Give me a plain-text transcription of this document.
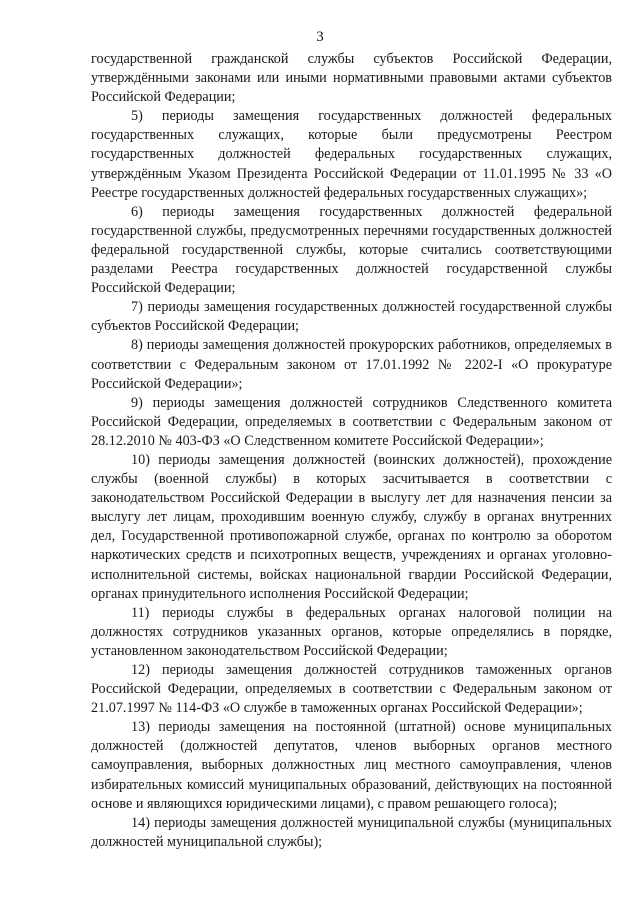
3

государственной гражданской службы субъектов Российской Федерации, утверждёнными законами или иными нормативными правовыми актами субъектов Российской Федерации;

5) периоды замещения государственных должностей федеральных государственных служащих, которые были предусмотрены Реестром государственных должностей федеральных государственных служащих, утверждённым Указом Президента Российской Федерации от 11.01.1995 № 33 «О Реестре государственных должностей федеральных государственных служащих»;

6) периоды замещения государственных должностей федеральной государственной службы, предусмотренных перечнями государственных должностей федеральной государственной службы, которые считались соответствующими разделами Реестра государственных должностей государственной службы Российской Федерации;

7) периоды замещения государственных должностей государственной службы субъектов Российской Федерации;

8) периоды замещения должностей прокурорских работников, определяемых в соответствии с Федеральным законом от 17.01.1992 № 2202-I «О прокуратуре Российской Федерации»;

9) периоды замещения должностей сотрудников Следственного комитета Российской Федерации, определяемых в соответствии с Федеральным законом от 28.12.2010 № 403-ФЗ «О Следственном комитете Российской Федерации»;

10) периоды замещения должностей (воинских должностей), прохождение службы (военной службы) в которых засчитывается в соответствии с законодательством Российской Федерации в выслугу лет для назначения пенсии за выслугу лет лицам, проходившим военную службу, службу в органах внутренних дел, Государственной противопожарной службе, органах по контролю за оборотом наркотических средств и психотропных веществ, учреждениях и органах уголовно-исполнительной системы, войсках национальной гвардии Российской Федерации, органах принудительного исполнения Российской Федерации;

11) периоды службы в федеральных органах налоговой полиции на должностях сотрудников указанных органов, которые определялись в порядке, установленном законодательством Российской Федерации;

12) периоды замещения должностей сотрудников таможенных органов Российской Федерации, определяемых в соответствии с Федеральным законом от 21.07.1997 № 114-ФЗ «О службе в таможенных органах Российской Федерации»;

13) периоды замещения на постоянной (штатной) основе муниципальных должностей (должностей депутатов, членов выборных органов местного самоуправления, выборных должностных лиц местного самоуправления, членов избирательных комиссий муниципальных образований, действующих на постоянной основе и являющихся юридическими лицами), с правом решающего голоса);

14) периоды замещения должностей муниципальной службы (муниципальных должностей муниципальной службы);
